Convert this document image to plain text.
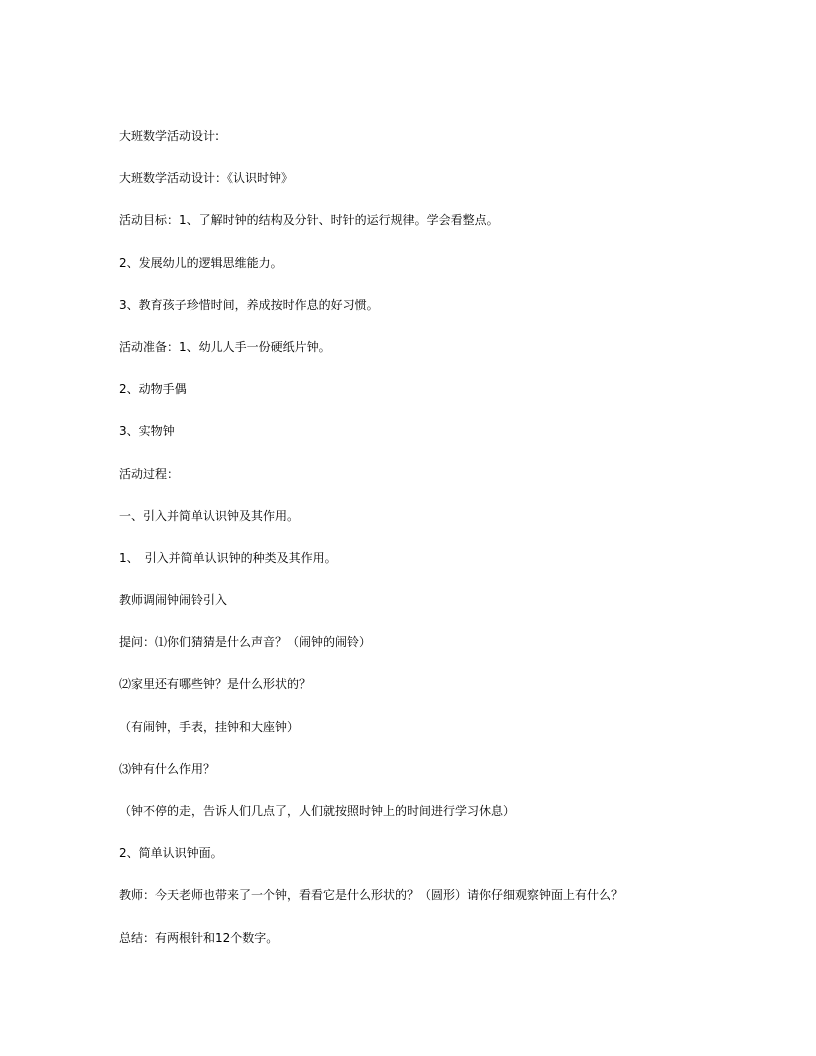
大班数学活动设计:

大班数学活动设计：《认识时钟》

活动目标：1、了解时钟的结构及分针、时针的运行规律。学会看整点。

2、发展幼儿的逻辑思维能力。

3、教育孩子珍惜时间，养成按时作息的好习惯。

活动准备：1、幼儿人手一份硬纸片钟。

2、动物手偶

3、实物钟

活动过程：

一、引入并简单认识钟及其作用。

1、　引入并简单认识钟的种类及其作用。

教师调闹钟闹铃引入

提问：⑴你们猜猜是什么声音？（闹钟的闹铃）

⑵家里还有哪些钟？是什么形状的？

（有闹钟，手表，挂钟和大座钟）

⑶钟有什么作用？

（钟不停的走，告诉人们几点了，人们就按照时钟上的时间进行学习休息）

2、简单认识钟面。

教师：今天老师也带来了一个钟，看看它是什么形状的？（圆形）请你仔细观察钟面上有什么？

总结：有两根针和12个数字。
